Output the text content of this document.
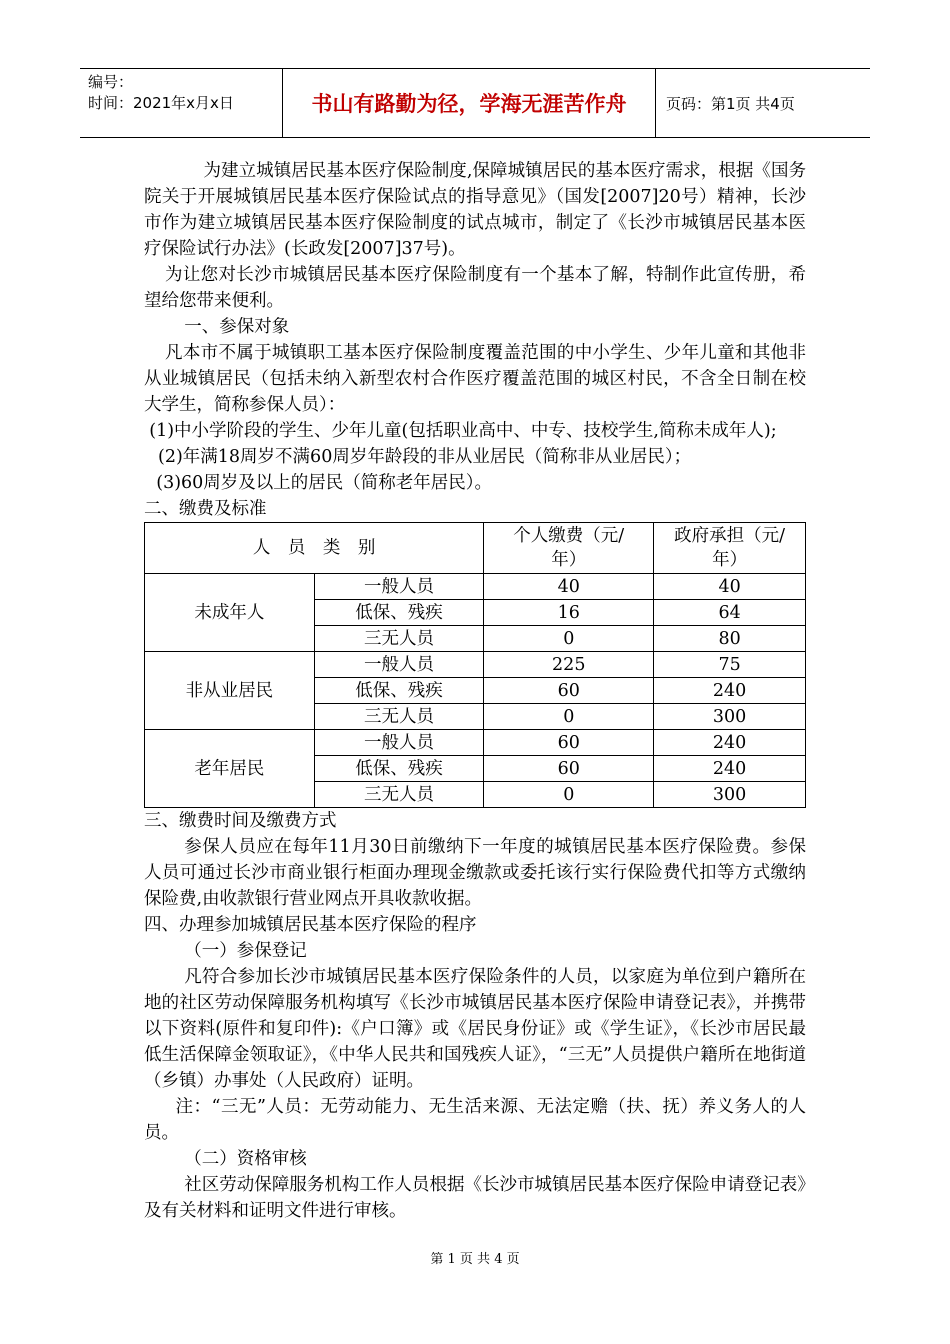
编号：
时间：2021年x月x日	书山有路勤为径，学海无涯苦作舟	页码：第1页 共4页

为建立城镇居民基本医疗保险制度,保障城镇居民的基本医疗需求，根据《国务院关于开展城镇居民基本医疗保险试点的指导意见》（国发[2007]20号）精神，长沙市作为建立城镇居民基本医疗保险制度的试点城市，制定了《长沙市城镇居民基本医疗保险试行办法》(长政发[2007]37号)。

为让您对长沙市城镇居民基本医疗保险制度有一个基本了解，特制作此宣传册，希望给您带来便利。

一、参保对象

凡本市不属于城镇职工基本医疗保险制度覆盖范围的中小学生、少年儿童和其他非从业城镇居民（包括未纳入新型农村合作医疗覆盖范围的城区村民，不含全日制在校大学生，简称参保人员）：

(1)中小学阶段的学生、少年儿童(包括职业高中、中专、技校学生,简称未成年人);

(2)年满18周岁不满60周岁年龄段的非从业居民（简称非从业居民）；

(3)60周岁及以上的居民（简称老年居民）。

二、缴费及标准

人　员　类　别		个人缴费（元/年）	政府承担（元/年）
未成年人	一般人员	40	40
	低保、残疾	16	64
	三无人员	0	80
非从业居民	一般人员	225	75
	低保、残疾	60	240
	三无人员	0	300
老年居民	一般人员	60	240
	低保、残疾	60	240
	三无人员	0	300

三、缴费时间及缴费方式

参保人员应在每年11月30日前缴纳下一年度的城镇居民基本医疗保险费。参保人员可通过长沙市商业银行柜面办理现金缴款或委托该行实行保险费代扣等方式缴纳保险费,由收款银行营业网点开具收款收据。

四、办理参加城镇居民基本医疗保险的程序

（一）参保登记

凡符合参加长沙市城镇居民基本医疗保险条件的人员，以家庭为单位到户籍所在地的社区劳动保障服务机构填写《长沙市城镇居民基本医疗保险申请登记表》，并携带以下资料(原件和复印件):《户口簿》或《居民身份证》或《学生证》，《长沙市居民最低生活保障金领取证》，《中华人民共和国残疾人证》，“三无”人员提供户籍所在地街道（乡镇）办事处（人民政府）证明。

注：“三无”人员：无劳动能力、无生活来源、无法定赡（扶、抚）养义务人的人员。

（二）资格审核

社区劳动保障服务机构工作人员根据《长沙市城镇居民基本医疗保险申请登记表》及有关材料和证明文件进行审核。

第 1 页 共 4 页
